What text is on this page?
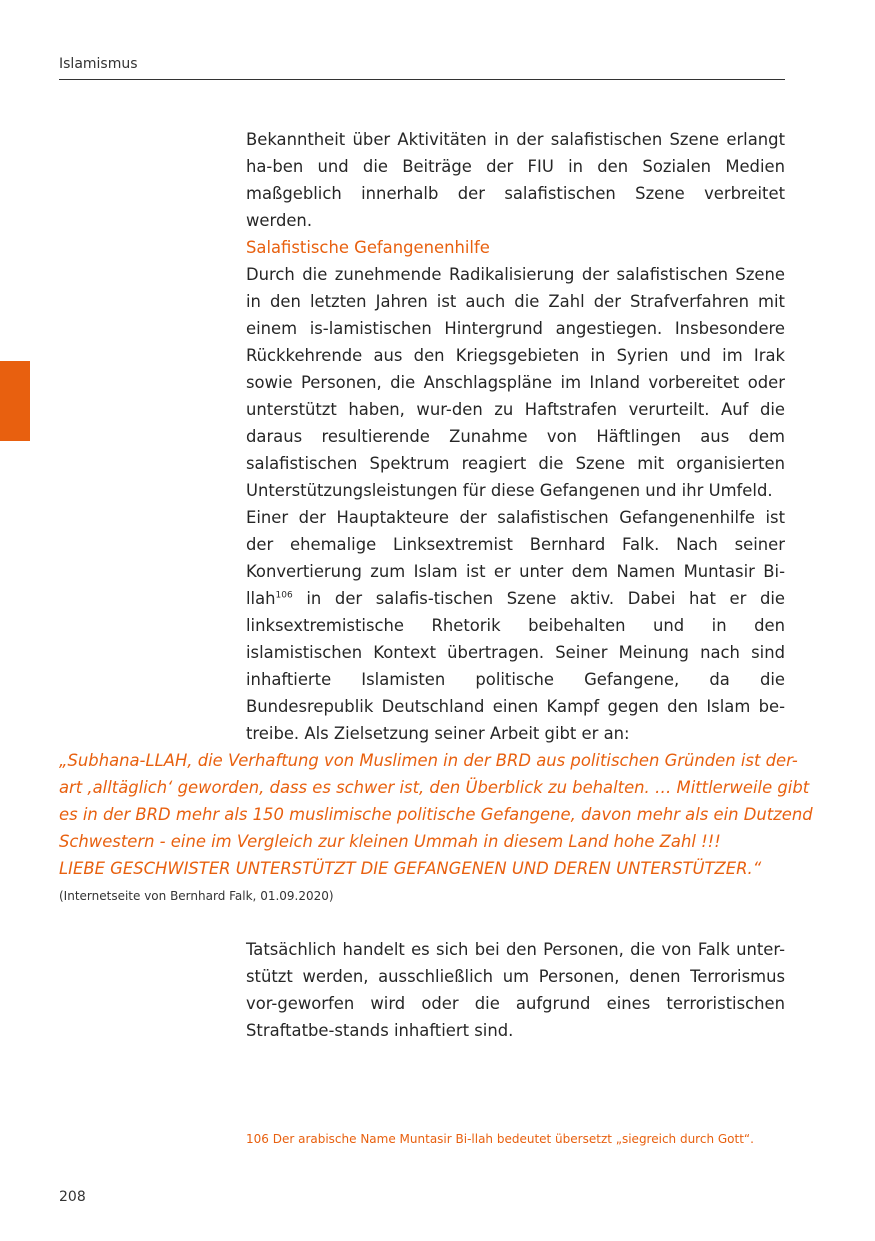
Islamismus

Bekanntheit über Aktivitäten in der salafistischen Szene erlangt ha-ben und die Beiträge der FIU in den Sozialen Medien maßgeblich innerhalb der salafistischen Szene verbreitet werden.

Salafistische Gefangenenhilfe

Durch die zunehmende Radikalisierung der salafistischen Szene in den letzten Jahren ist auch die Zahl der Strafverfahren mit einem is-lamistischen Hintergrund angestiegen. Insbesondere Rückkehrende aus den Kriegsgebieten in Syrien und im Irak sowie Personen, die Anschlagspläne im Inland vorbereitet oder unterstützt haben, wur-den zu Haftstrafen verurteilt. Auf die daraus resultierende Zunahme von Häftlingen aus dem salafistischen Spektrum reagiert die Szene mit organisierten Unterstützungsleistungen für diese Gefangenen und ihr Umfeld.

Einer der Hauptakteure der salafistischen Gefangenenhilfe ist der ehemalige Linksextremist Bernhard Falk. Nach seiner Konvertierung zum Islam ist er unter dem Namen Muntasir Bi-llah$^{106}$ in der salafis-tischen Szene aktiv. Dabei hat er die linksextremistische Rhetorik beibehalten und in den islamistischen Kontext übertragen. Seiner Meinung nach sind inhaftierte Islamisten politische Gefangene, da die Bundesrepublik Deutschland einen Kampf gegen den Islam be-treibe. Als Zielsetzung seiner Arbeit gibt er an:

„Subhana-LLAH, die Verhaftung von Muslimen in der BRD aus politischen Gründen ist der-
art ‚alltäglich‘ geworden, dass es schwer ist, den Überblick zu behalten. … Mittlerweile gibt
es in der BRD mehr als 150 muslimische politische Gefangene, davon mehr als ein Dutzend
Schwestern - eine im Vergleich zur kleinen Ummah in diesem Land hohe Zahl !!!
LIEBE GESCHWISTER UNTERSTÜTZT DIE GEFANGENEN UND DEREN UNTERSTÜTZER.“
(Internetseite von Bernhard Falk, 01.09.2020)

Tatsächlich handelt es sich bei den Personen, die von Falk unter-stützt werden, ausschließlich um Personen, denen Terrorismus vor-geworfen wird oder die aufgrund eines terroristischen Straftatbe-stands inhaftiert sind.

106 Der arabische Name Muntasir Bi-llah bedeutet übersetzt „siegreich durch Gott“.
208
